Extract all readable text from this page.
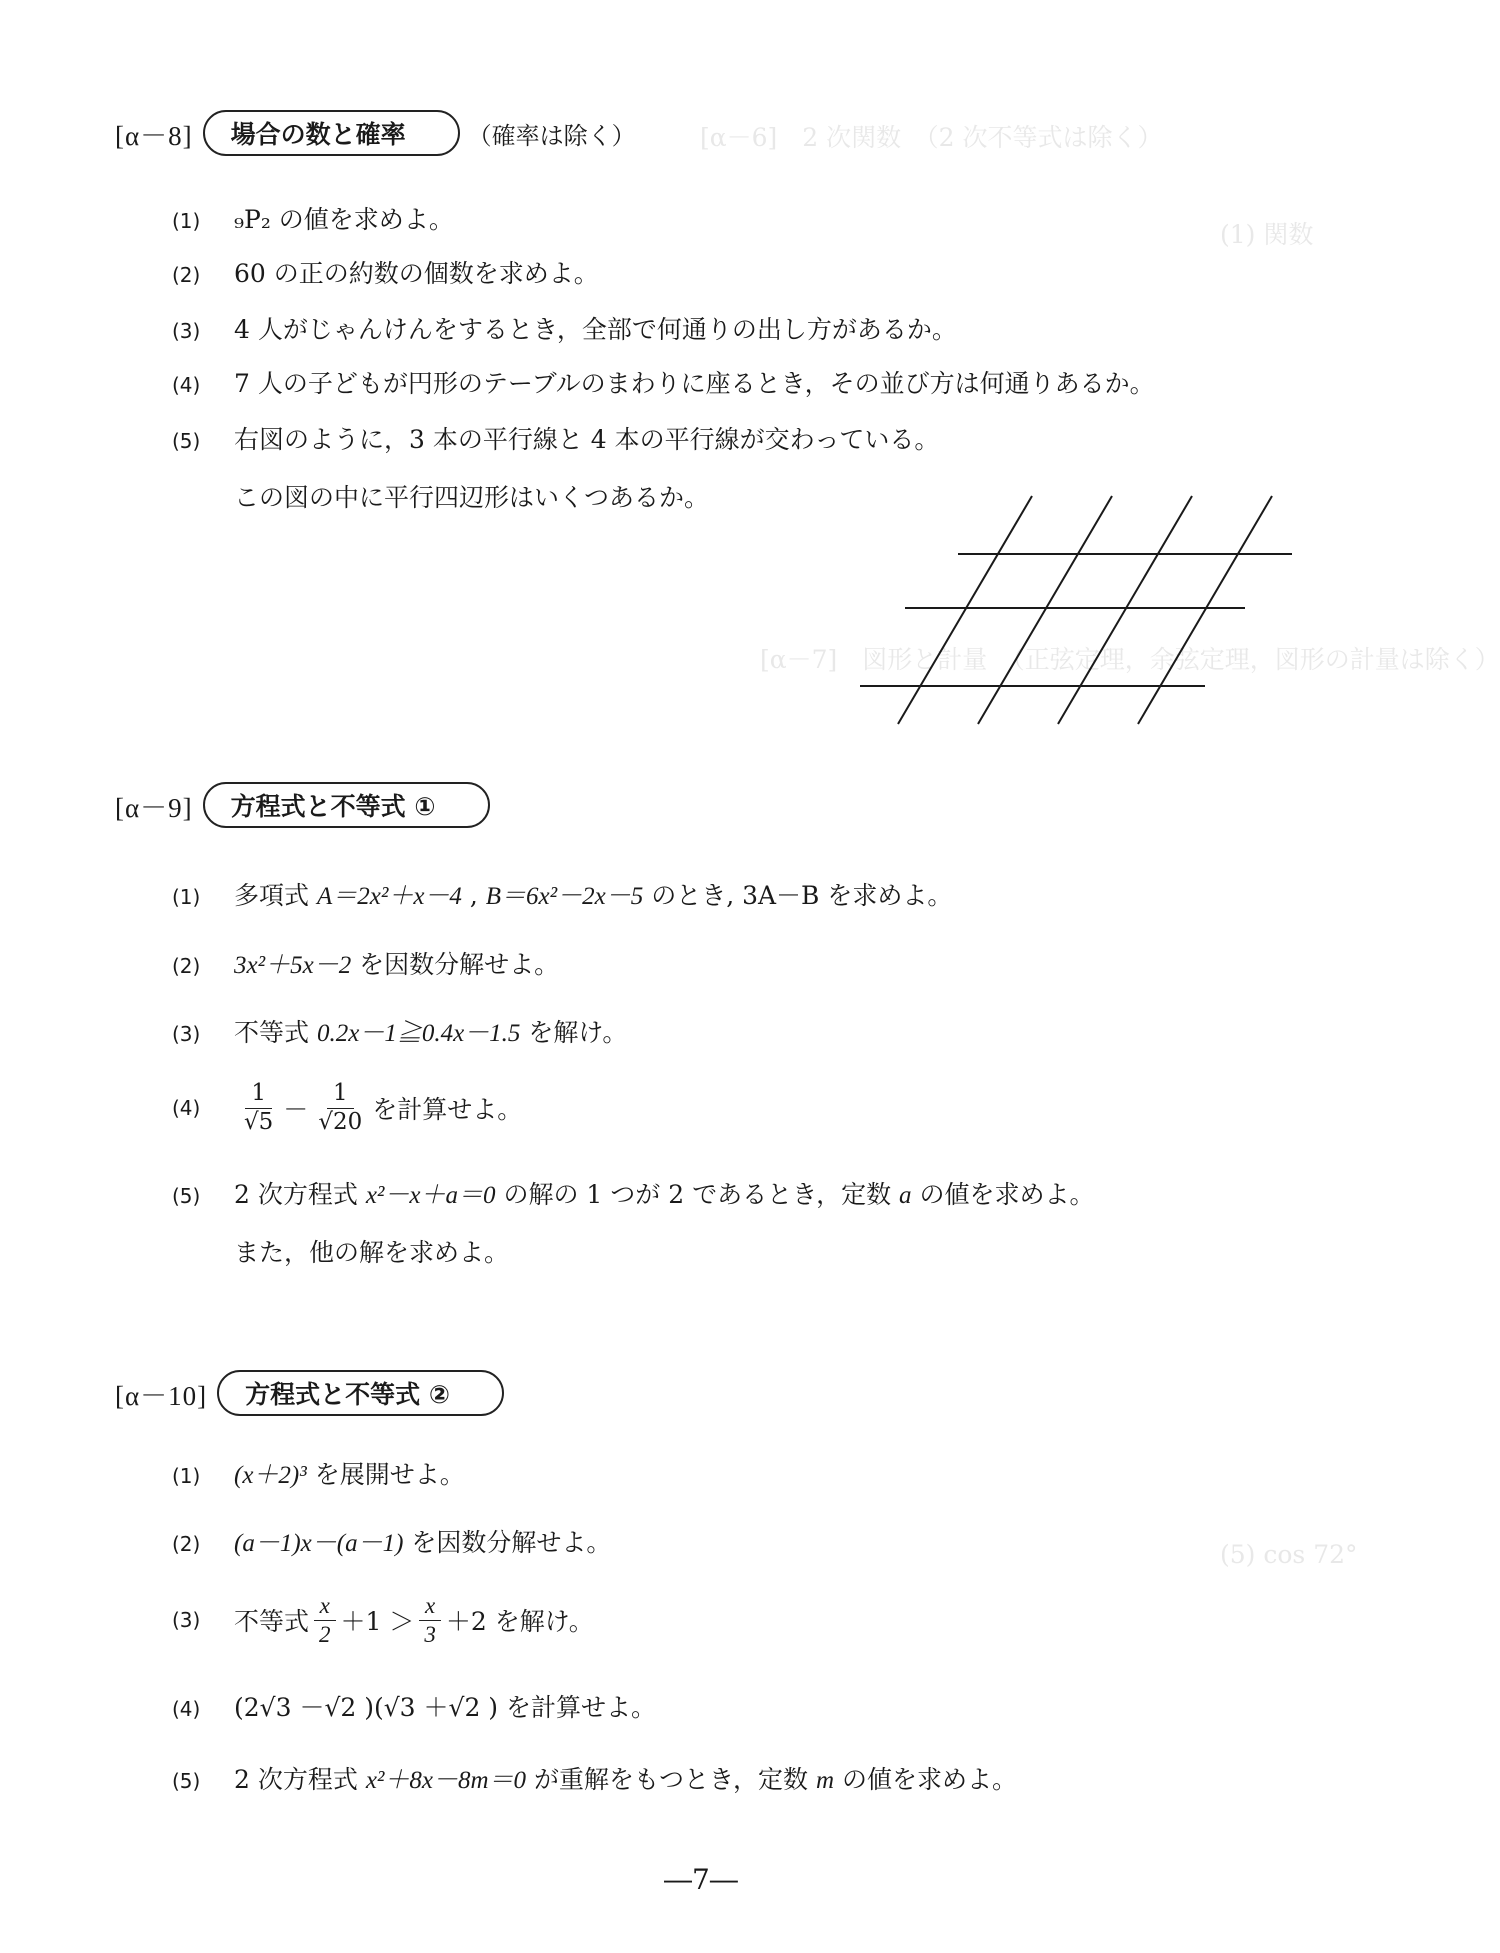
[α－6]　2 次関数　（2 次不等式は除く）
(1) 関数
[α－7]　図形と計量　（正弦定理，余弦定理，図形の計量は除く）
(5) cos 72°
[α－8]	場合の数と確率	（確率は除く）
(1)	₉P₂ の値を求めよ。
(2)	60 の正の約数の個数を求めよ。
(3)	4 人がじゃんけんをするとき，全部で何通りの出し方があるか。
(4)	7 人の子どもが円形のテーブルのまわりに座るとき，その並び方は何通りあるか。
(5)	右図のように，3 本の平行線と 4 本の平行線が交わっている。
この図の中に平行四辺形はいくつあるか。
[α－9]	方程式と不等式 ①
(1)	多項式
A＝2x²＋x－4 , B＝6x²－2x－5
のとき, 3A－B を求めよ。
(2)	3x²＋5x－2
を因数分解せよ。
(3)	不等式
0.2x－1≧0.4x－1.5
を解け。
(4)	$\frac{1}{√5} - \frac{1}{√20}$ を計算せよ。
(5)	2 次方程式
x²－x＋a＝0
の解の 1 つが 2 であるとき，定数
a
の値を求めよ。
また，他の解を求めよ。
[α－10]	方程式と不等式 ②
(1)	(x＋2)³
を展開せよ。
(2)	(a－1)x－(a－1)
を因数分解せよ。
(3)	不等式 $\frac{x}{2} +1 > \frac{x}{3} +2$
を解け。
(4)	(2√3 －√2 )(√3 ＋√2 )
を計算せよ。
(5)	2 次方程式
x²＋8x－8m＝0
が重解をもつとき，定数
m
の値を求めよ。
―7―
